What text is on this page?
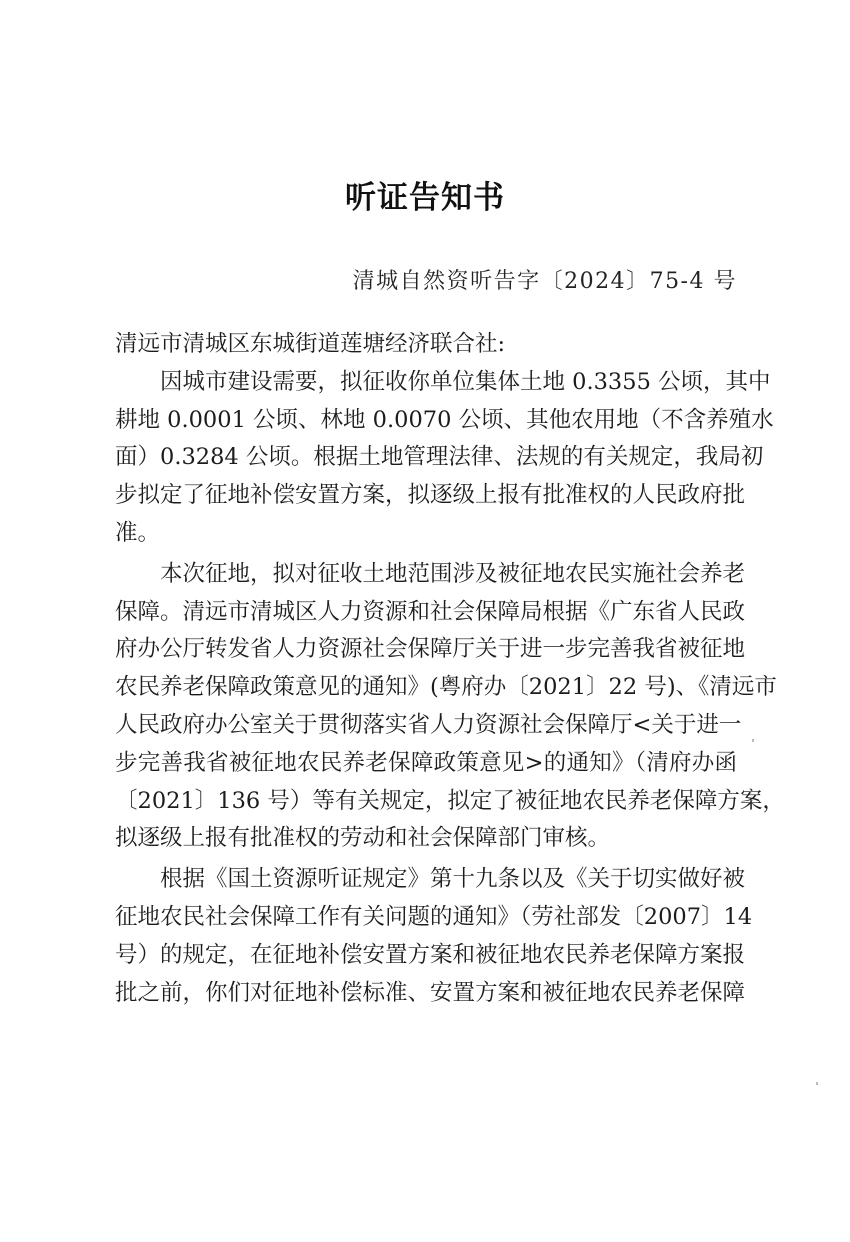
听证告知书
清城自然资听告字〔2024〕75-4 号
清远市清城区东城街道莲塘经济联合社:
　　因城市建设需要，拟征收你单位集体土地 0.3355 公顷，其中
耕地 0.0001 公顷、林地 0.0070 公顷、其他农用地（不含养殖水
面）0.3284 公顷。根据土地管理法律、法规的有关规定，我局初
步拟定了征地补偿安置方案，拟逐级上报有批准权的人民政府批
准。
　　本次征地，拟对征收土地范围涉及被征地农民实施社会养老
保障。清远市清城区人力资源和社会保障局根据《广东省人民政
府办公厅转发省人力资源社会保障厅关于进一步完善我省被征地
农民养老保障政策意见的通知》(粤府办〔2021〕22 号)、《清远市
人民政府办公室关于贯彻落实省人力资源社会保障厅<关于进一
步完善我省被征地农民养老保障政策意见>的通知》（清府办函
〔2021〕136 号）等有关规定，拟定了被征地农民养老保障方案，
拟逐级上报有批准权的劳动和社会保障部门审核。
　　根据《国土资源听证规定》第十九条以及《关于切实做好被
征地农民社会保障工作有关问题的通知》（劳社部发〔2007〕14
号）的规定，在征地补偿安置方案和被征地农民养老保障方案报
批之前，你们对征地补偿标准、安置方案和被征地农民养老保障
